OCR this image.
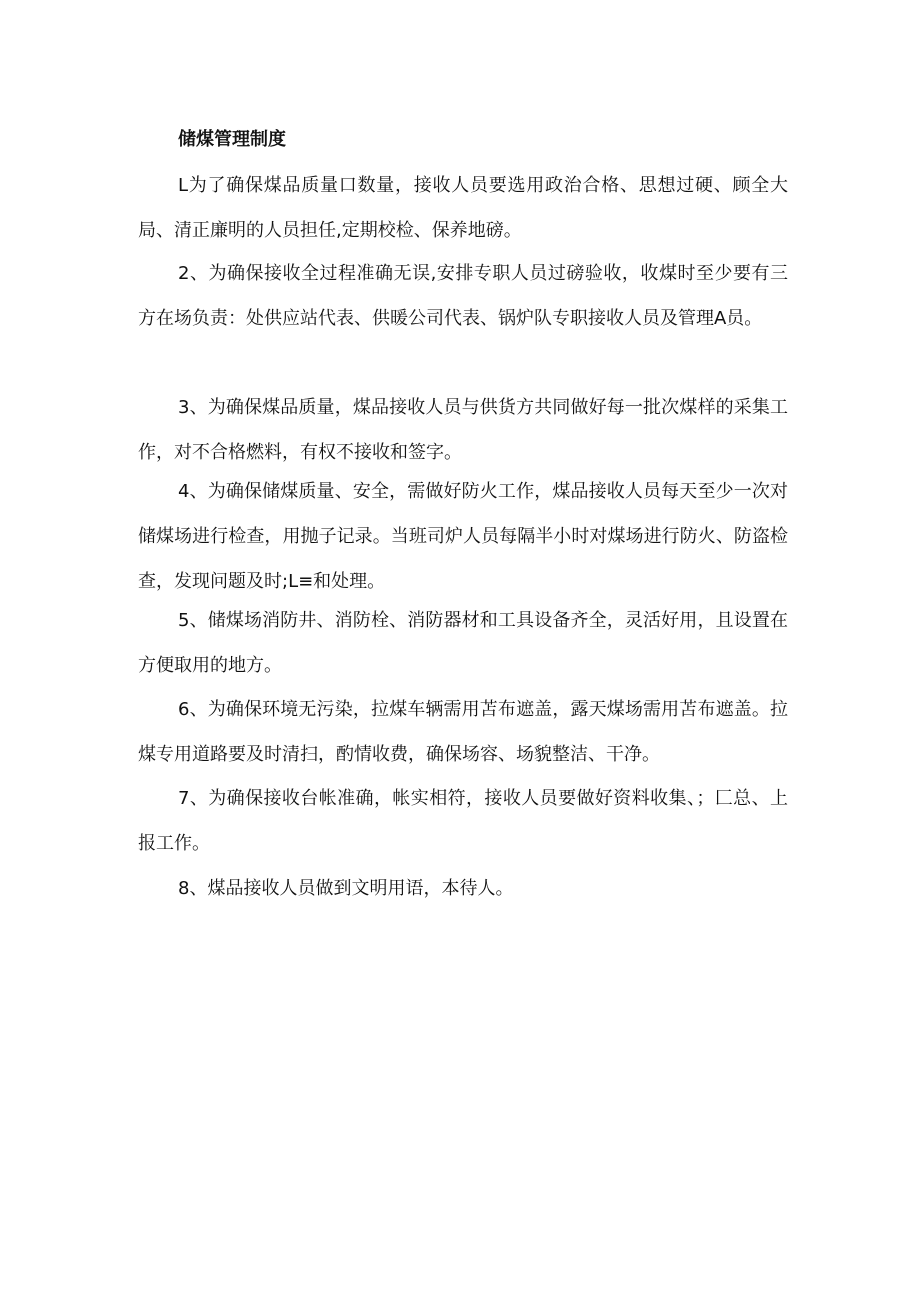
储煤管理制度

L为了确保煤品质量口数量，接收人员要选用政治合格、思想过硬、顾全大局、清正廉明的人员担任,定期校检、保养地磅。

2、为确保接收全过程准确无误,安排专职人员过磅验收，收煤时至少要有三方在场负责：处供应站代表、供暖公司代表、锅炉队专职接收人员及管理A员。

3、为确保煤品质量，煤品接收人员与供货方共同做好每一批次煤样的采集工作，对不合格燃料，有权不接收和签字。

4、为确保储煤质量、安全，需做好防火工作，煤品接收人员每天至少一次对储煤场进行检查，用抛子记录。当班司炉人员每隔半小时对煤场进行防火、防盗检查，发现问题及时;L≡和处理。

5、储煤场消防井、消防栓、消防器材和工具设备齐全，灵活好用，且设置在方便取用的地方。

6、为确保环境无污染，拉煤车辆需用苫布遮盖，露天煤场需用苫布遮盖。拉煤专用道路要及时清扫，酌情收费，确保场容、场貌整洁、干净。

7、为确保接收台帐准确，帐实相符，接收人员要做好资料收集、；匚总、上报工作。

8、煤品接收人员做到文明用语，本待人。
